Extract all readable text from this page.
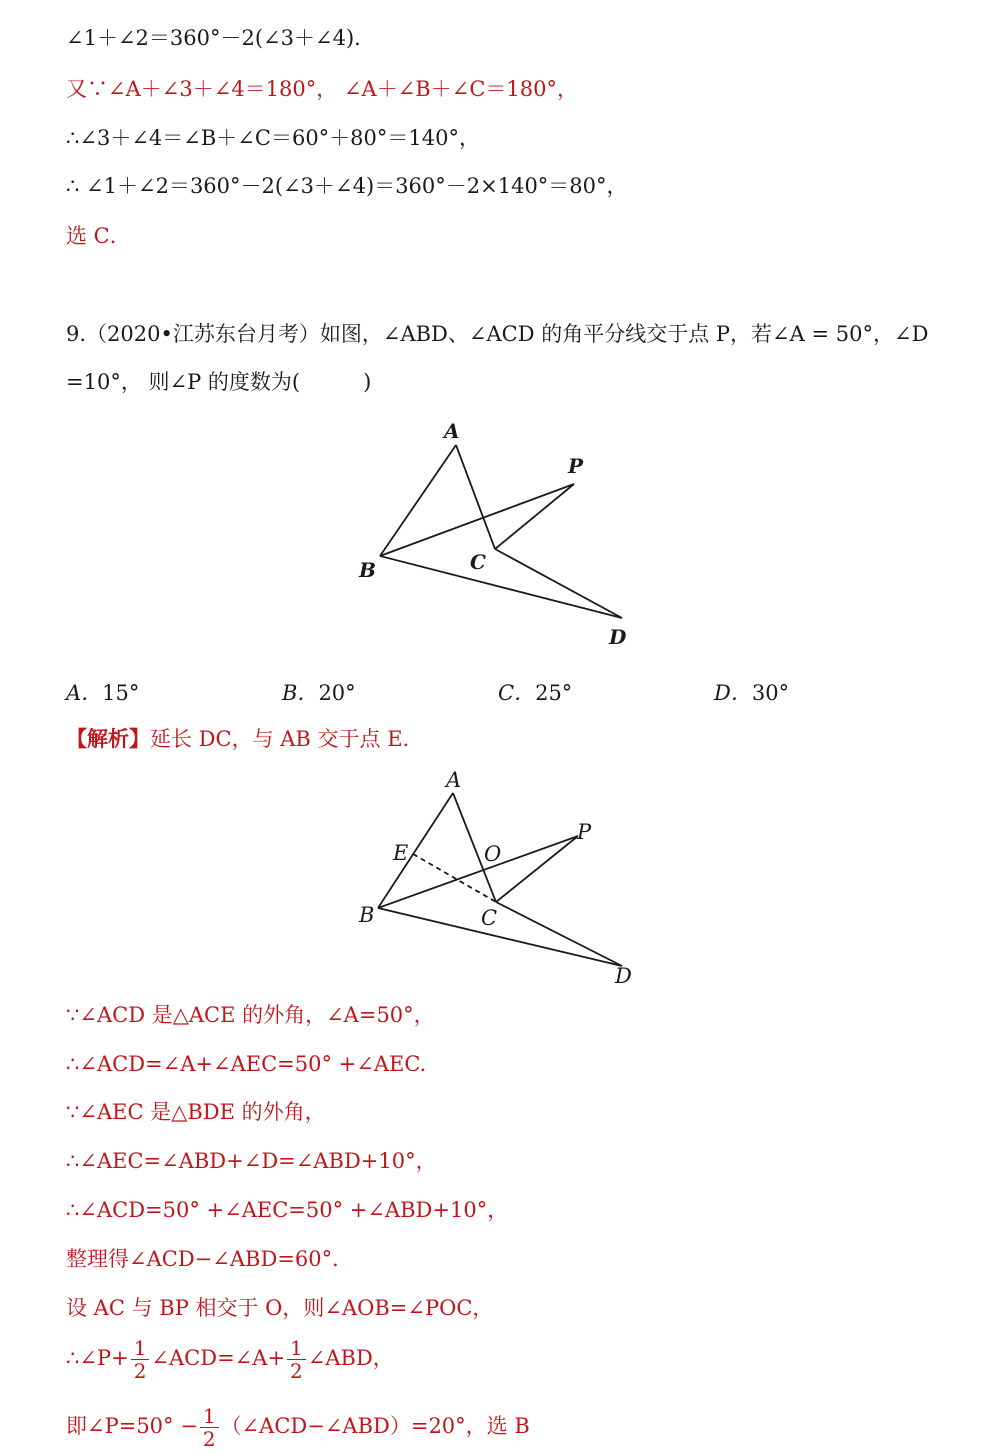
∠1＋∠2＝360°－2(∠3＋∠4)．
又∵∠A＋∠3＋∠4＝180°， ∠A＋∠B＋∠C＝180°，
∴∠3＋∠4＝∠B＋∠C＝60°＋80°＝140°，
∴ ∠1＋∠2＝360°－2(∠3＋∠4)＝360°－2×140°＝80°，
选 C．
9.（2020•江苏东台月考）如图，∠ABD、∠ACD 的角平分线交于点 P，若∠A = 50°，∠D
=10°， 则∠P 的度数为(　　　)
A
P
B	C
D
A．15°	B．20°	C．25°	D．30°
【解析】延长 DC，与 AB 交于点 E.
A
E	O
P
B	C
D
∵∠ACD 是△ACE 的外角，∠A=50°，
∴∠ACD=∠A+∠AEC=50° +∠AEC.
∵∠AEC 是△BDE 的外角，
∴∠AEC=∠ABD+∠D=∠ABD+10°，
∴∠ACD=50° +∠AEC=50° +∠ABD+10°，
整理得∠ACD−∠ABD=60°．
设 AC 与 BP 相交于 O，则∠AOB=∠POC，
∴∠P+ $\frac{1}{2}$ ∠ACD=∠A+ $\frac{1}{2}$ ∠ABD，
即∠P=50° − $\frac{1}{2}$ （∠ACD−∠ABD）=20°，选 B
